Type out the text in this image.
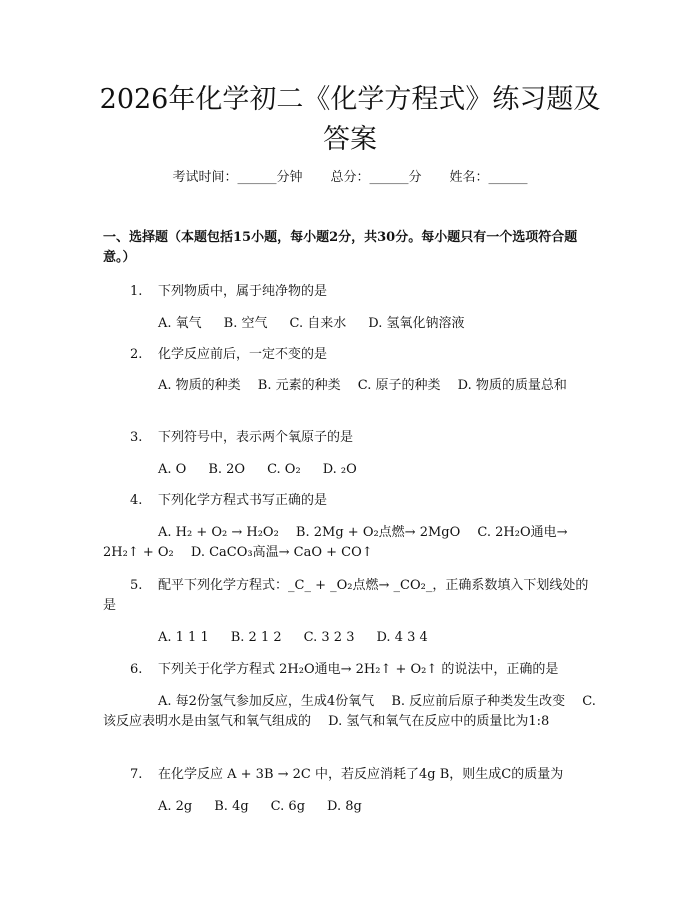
2026年化学初二《化学方程式》练习题及答案
考试时间：______分钟 总分：______分 姓名：______
一、选择题（本题包括15小题，每小题2分，共30分。每小题只有一个选项符合题意。）
1.	下列物质中，属于纯净物的是
A. 氧气 B. 空气 C. 自来水 D. 氢氧化钠溶液
2.	化学反应前后，一定不变的是
A. 物质的种类　 B. 元素的种类　 C. 原子的种类　 D. 物质的质量总和
3.	下列符号中，表示两个氧原子的是
A. O B. 2O C. O₂ D. ₂O
4.	下列化学方程式书写正确的是
A. H₂ + O₂ → H₂O₂　 B. 2Mg + O₂点燃→ 2MgO　 C. 2H₂O通电→ 2H₂↑ + O₂　 D. CaCO₃高温→ CaO + CO↑
5. 配平下列化学方程式：_C_ + _O₂点燃→ _CO₂_，正确系数填入下划线处的是
A. 1 1 1 B. 2 1 2 C. 3 2 3 D. 4 3 4
6.	下列关于化学方程式 2H₂O通电→ 2H₂↑ + O₂↑ 的说法中，正确的是
A. 每2份氢气参加反应，生成4份氧气　 B. 反应前后原子种类发生改变　 C. 该反应表明水是由氢气和氧气组成的　 D. 氢气和氧气在反应中的质量比为1:8
7.	在化学反应 A + 3B → 2C 中，若反应消耗了4g B，则生成C的质量为
A. 2g B. 4g C. 6g D. 8g
